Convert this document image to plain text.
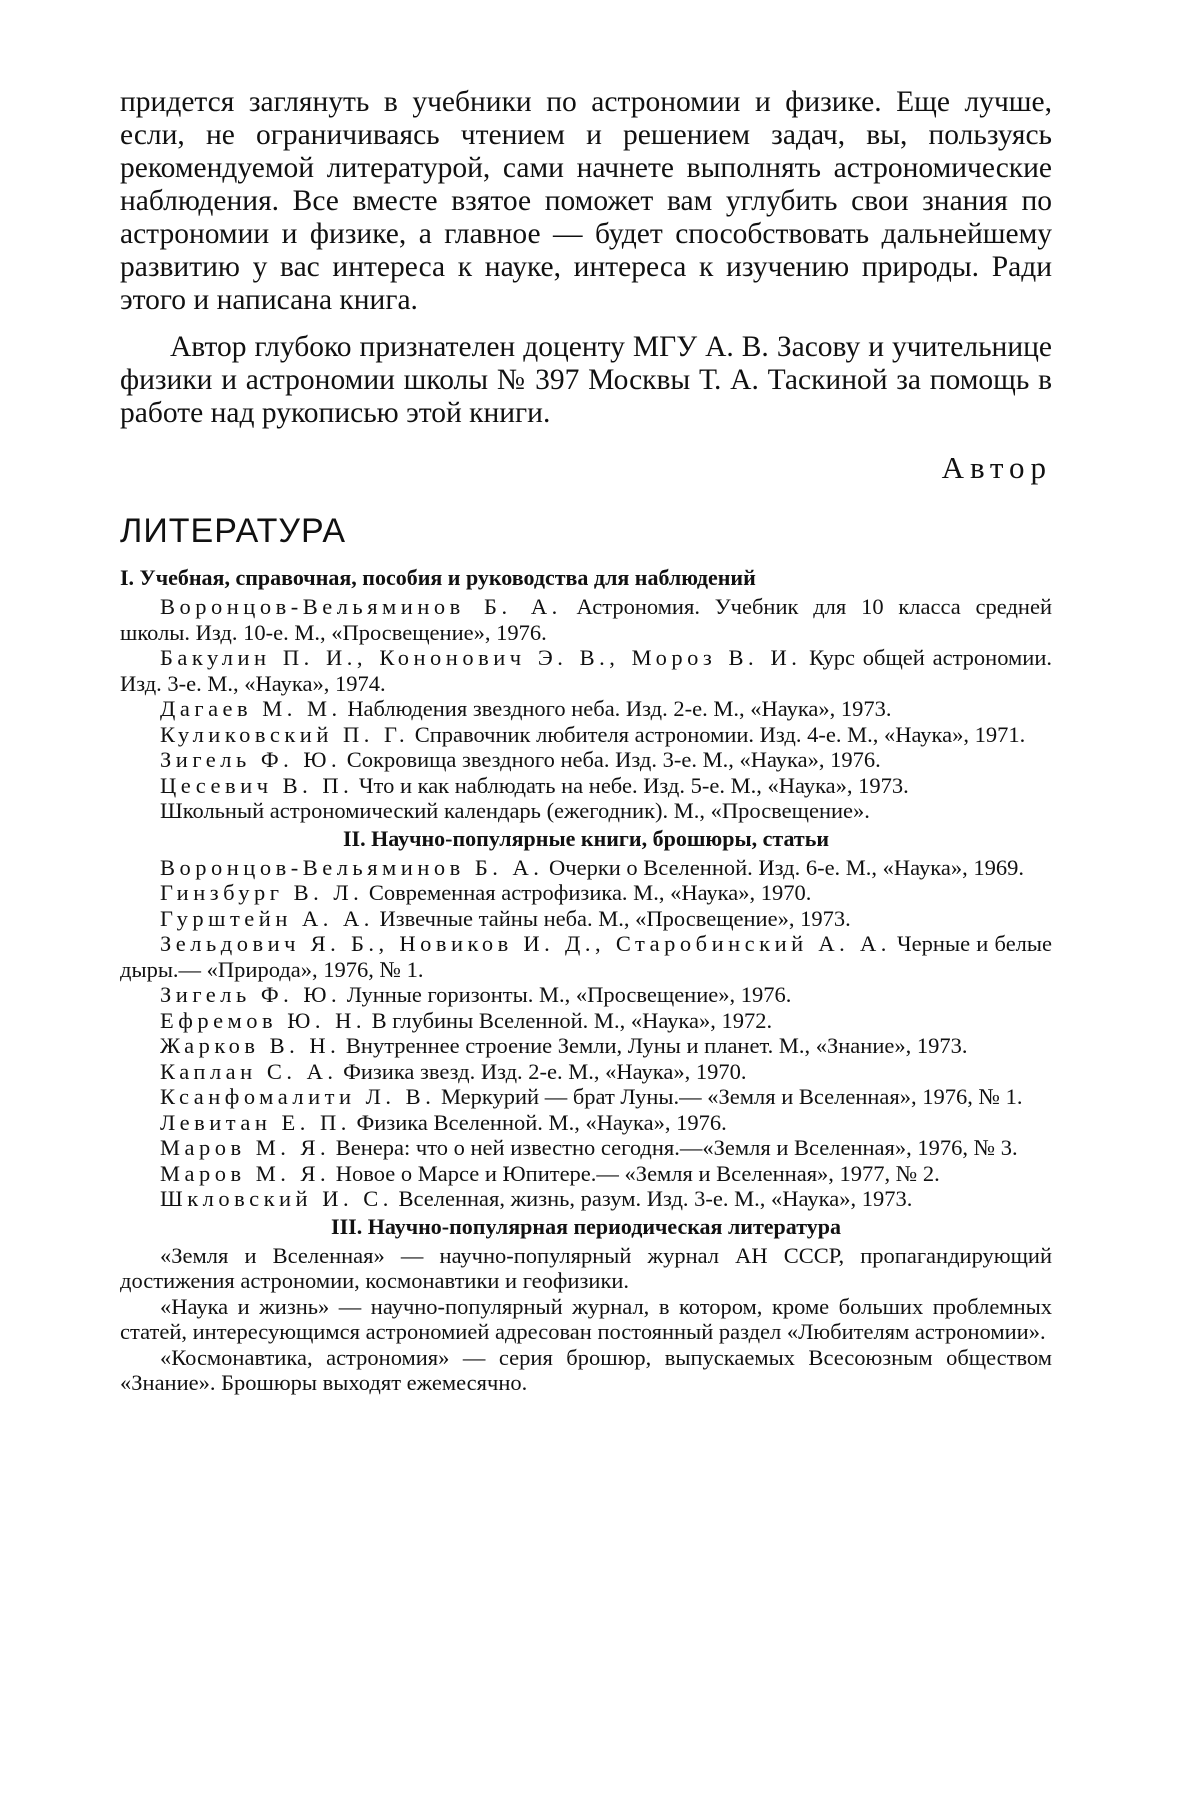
придется заглянуть в учебники по астрономии и физике. Еще лучше, если, не ограничиваясь чтением и решением задач, вы, пользуясь рекомендуемой литературой, сами начнете выполнять астрономические наблюдения. Все вместе взятое поможет вам углубить свои знания по астрономии и физике, а главное — будет способствовать дальнейшему развитию у вас интереса к науке, интереса к изучению природы. Ради этого и написана книга.

Автор глубоко признателен доценту МГУ А. В. Засову и учительнице физики и астрономии школы № 397 Москвы Т. А. Таскиной за помощь в работе над рукописью этой книги.

Автор
ЛИТЕРАТУРА
I. Учебная, справочная, пособия и руководства для наблюдений

Воронцов-Вельяминов Б. А. Астрономия. Учебник для 10 класса средней школы. Изд. 10-е. М., «Просвещение», 1976.

Бакулин П. И., Кононович Э. В., Мороз В. И. Курс общей астрономии. Изд. 3-е. М., «Наука», 1974.

Дагаев М. М. Наблюдения звездного неба. Изд. 2-е. М., «Наука», 1973.

Куликовский П. Г. Справочник любителя астрономии. Изд. 4-е. М., «Наука», 1971.

Зигель Ф. Ю. Сокровища звездного неба. Изд. 3-е. М., «Наука», 1976.

Цесевич В. П. Что и как наблюдать на небе. Изд. 5-е. М., «Наука», 1973.

Школьный астрономический календарь (ежегодник). М., «Просвещение».

II. Научно-популярные книги, брошюры, статьи

Воронцов-Вельяминов Б. А. Очерки о Вселенной. Изд. 6-е. М., «Наука», 1969.

Гинзбург В. Л. Современная астрофизика. М., «Наука», 1970.

Гурштейн А. А. Извечные тайны неба. М., «Просвещение», 1973.

Зельдович Я. Б., Новиков И. Д., Старобинский А. А. Черные и белые дыры.— «Природа», 1976, № 1.

Зигель Ф. Ю. Лунные горизонты. М., «Просвещение», 1976.

Ефремов Ю. Н. В глубины Вселенной. М., «Наука», 1972.

Жарков В. Н. Внутреннее строение Земли, Луны и планет. М., «Знание», 1973.

Каплан С. А. Физика звезд. Изд. 2-е. М., «Наука», 1970.

Ксанфомалити Л. В. Меркурий — брат Луны.— «Земля и Вселенная», 1976, № 1.

Левитан Е. П. Физика Вселенной. М., «Наука», 1976.

Маров М. Я. Венера: что о ней известно сегодня.—«Земля и Вселенная», 1976, № 3.

Маров М. Я. Новое о Марсе и Юпитере.— «Земля и Вселенная», 1977, № 2.

Шкловский И. С. Вселенная, жизнь, разум. Изд. 3-е. М., «Наука», 1973.

III. Научно-популярная периодическая литература

«Земля и Вселенная» — научно-популярный журнал АН СССР, пропагандирующий достижения астрономии, космонавтики и геофизики.

«Наука и жизнь» — научно-популярный журнал, в котором, кроме больших проблемных статей, интересующимся астрономией адресован постоянный раздел «Любителям астрономии».

«Космонавтика, астрономия» — серия брошюр, выпускаемых Всесоюзным обществом «Знание». Брошюры выходят ежемесячно.
